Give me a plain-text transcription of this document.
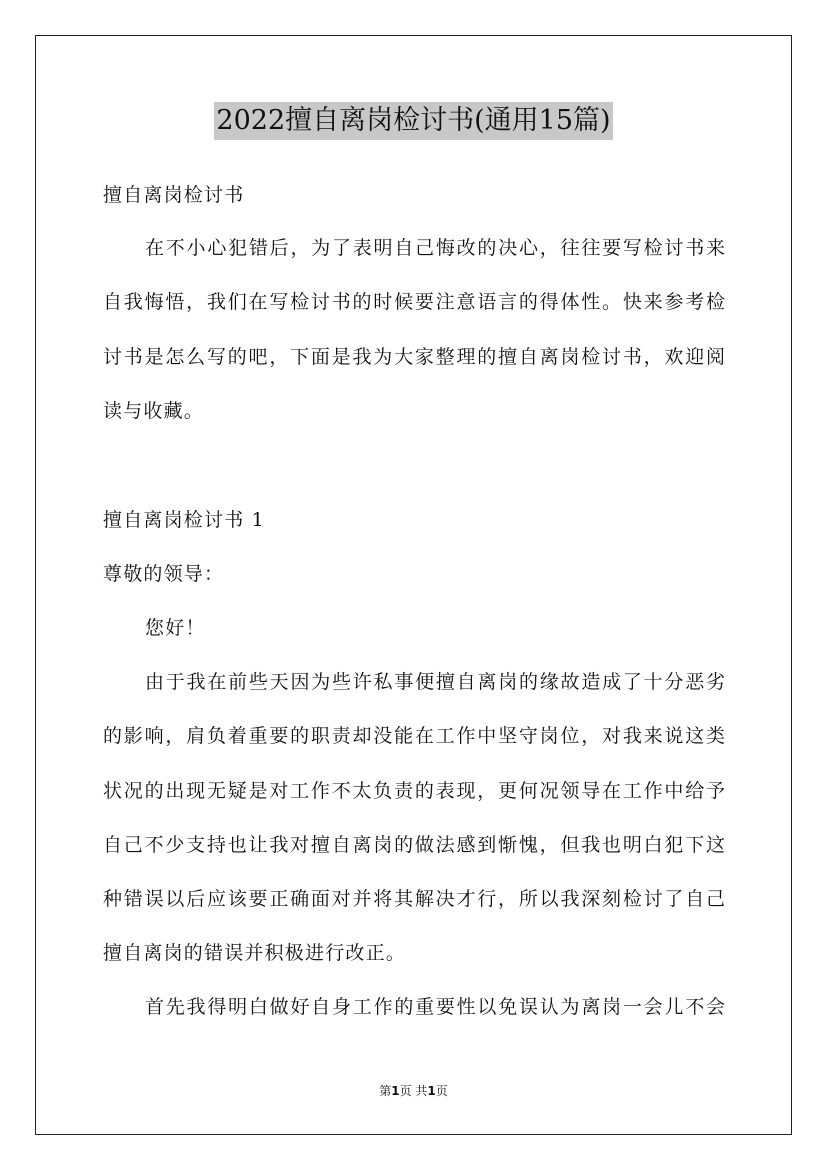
2022擅自离岗检讨书(通用15篇)
擅自离岗检讨书
在不小心犯错后，为了表明自己悔改的决心，往往要写检讨书来
自我悔悟，我们在写检讨书的时候要注意语言的得体性。快来参考检
讨书是怎么写的吧，下面是我为大家整理的擅自离岗检讨书，欢迎阅
读与收藏。
擅自离岗检讨书 1
尊敬的领导：
您好！
由于我在前些天因为些许私事便擅自离岗的缘故造成了十分恶劣
的影响，肩负着重要的职责却没能在工作中坚守岗位，对我来说这类
状况的出现无疑是对工作不太负责的表现，更何况领导在工作中给予
自己不少支持也让我对擅自离岗的做法感到惭愧，但我也明白犯下这
种错误以后应该要正确面对并将其解决才行，所以我深刻检讨了自己
擅自离岗的错误并积极进行改正。
首先我得明白做好自身工作的重要性以免误认为离岗一会儿不会
第1页 共1页
